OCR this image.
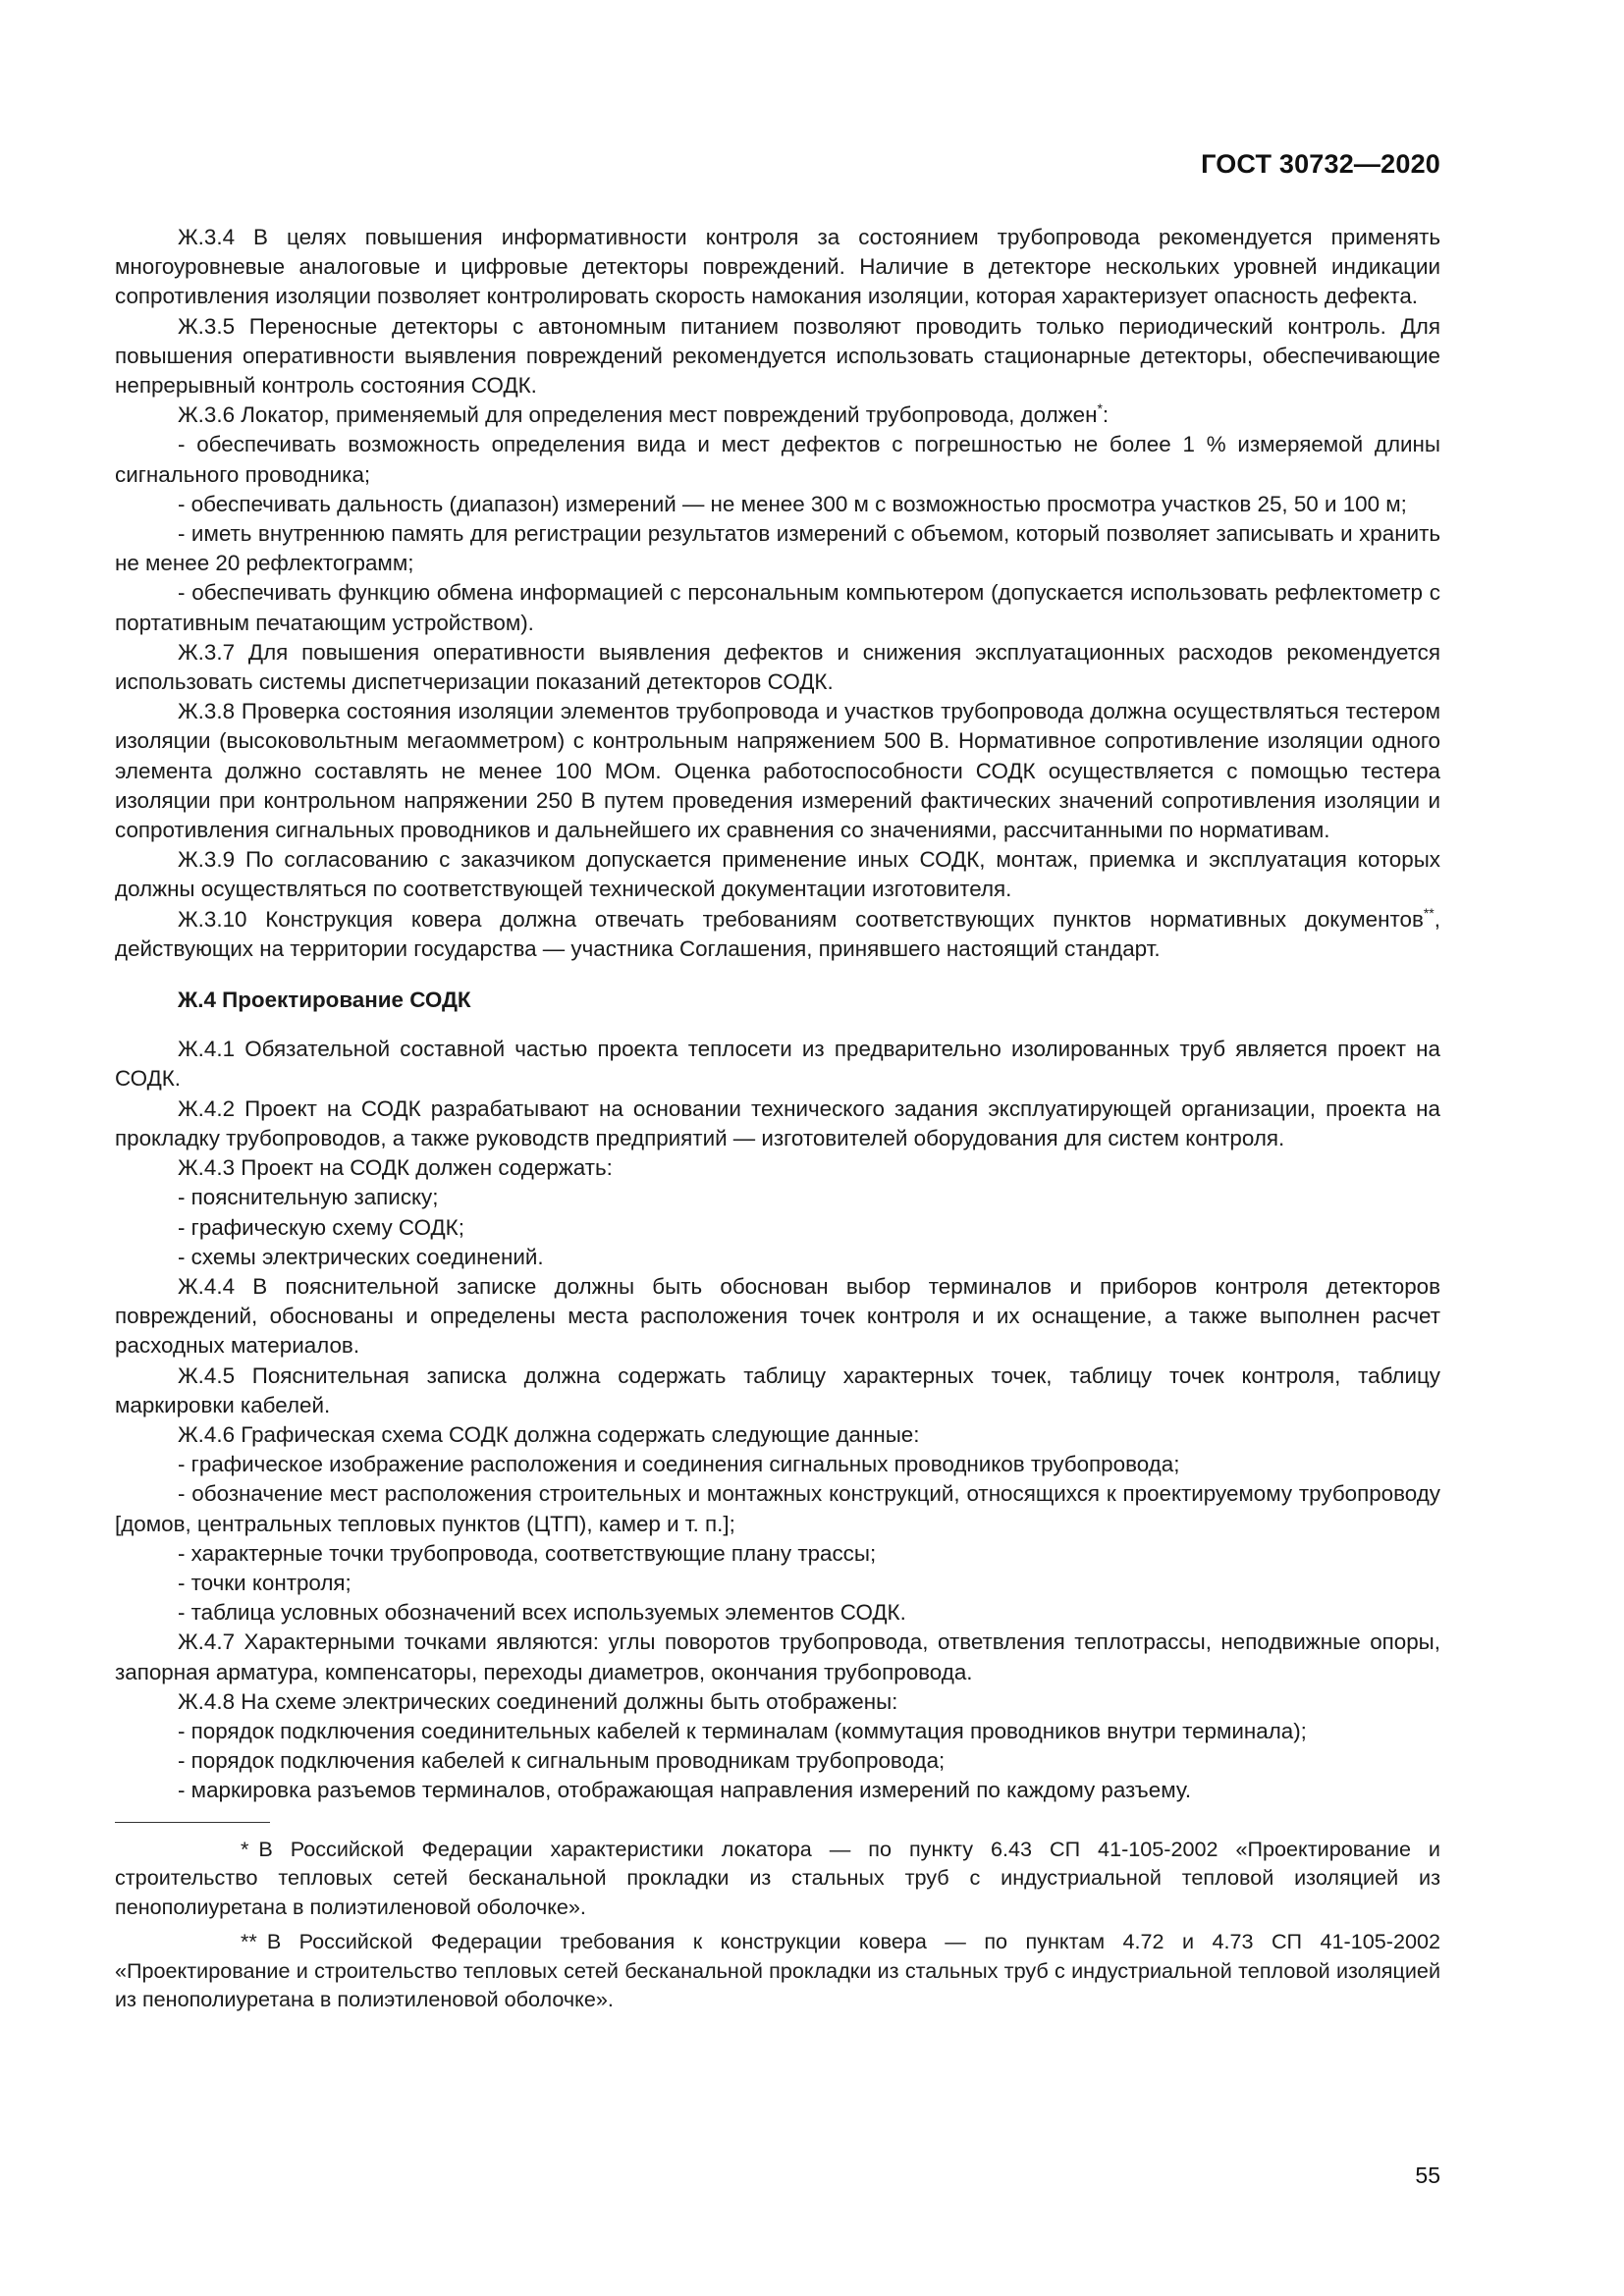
ГОСТ 30732—2020

Ж.3.4 В целях повышения информативности контроля за состоянием трубопровода рекомендуется применять многоуровневые аналоговые и цифровые детекторы повреждений. Наличие в детекторе нескольких уровней индикации сопротивления изоляции позволяет контролировать скорость намокания изоляции, которая характеризует опасность дефекта.

Ж.3.5 Переносные детекторы с автономным питанием позволяют проводить только периодический контроль. Для повышения оперативности выявления повреждений рекомендуется использовать стационарные детекторы, обеспечивающие непрерывный контроль состояния СОДК.

Ж.3.6 Локатор, применяемый для определения мест повреждений трубопровода, должен*:

- обеспечивать возможность определения вида и мест дефектов с погрешностью не более 1 % измеряемой длины сигнального проводника;

- обеспечивать дальность (диапазон) измерений — не менее 300 м с возможностью просмотра участков 25, 50 и 100 м;

- иметь внутреннюю память для регистрации результатов измерений с объемом, который позволяет записывать и хранить не менее 20 рефлектограмм;

- обеспечивать функцию обмена информацией с персональным компьютером (допускается использовать рефлектометр с портативным печатающим устройством).

Ж.3.7 Для повышения оперативности выявления дефектов и снижения эксплуатационных расходов рекомендуется использовать системы диспетчеризации показаний детекторов СОДК.

Ж.3.8 Проверка состояния изоляции элементов трубопровода и участков трубопровода должна осуществляться тестером изоляции (высоковольтным мегаомметром) с контрольным напряжением 500 В. Нормативное сопротивление изоляции одного элемента должно составлять не менее 100 МОм. Оценка работоспособности СОДК осуществляется с помощью тестера изоляции при контрольном напряжении 250 В путем проведения измерений фактических значений сопротивления изоляции и сопротивления сигнальных проводников и дальнейшего их сравнения со значениями, рассчитанными по нормативам.

Ж.3.9 По согласованию с заказчиком допускается применение иных СОДК, монтаж, приемка и эксплуатация которых должны осуществляться по соответствующей технической документации изготовителя.

Ж.3.10 Конструкция ковера должна отвечать требованиям соответствующих пунктов нормативных документов**, действующих на территории государства — участника Соглашения, принявшего настоящий стандарт.

Ж.4 Проектирование СОДК

Ж.4.1 Обязательной составной частью проекта теплосети из предварительно изолированных труб является проект на СОДК.

Ж.4.2 Проект на СОДК разрабатывают на основании технического задания эксплуатирующей организации, проекта на прокладку трубопроводов, а также руководств предприятий — изготовителей оборудования для систем контроля.

Ж.4.3 Проект на СОДК должен содержать:

- пояснительную записку;

- графическую схему СОДК;

- схемы электрических соединений.

Ж.4.4 В пояснительной записке должны быть обоснован выбор терминалов и приборов контроля детекторов повреждений, обоснованы и определены места расположения точек контроля и их оснащение, а также выполнен расчет расходных материалов.

Ж.4.5 Пояснительная записка должна содержать таблицу характерных точек, таблицу точек контроля, таблицу маркировки кабелей.

Ж.4.6 Графическая схема СОДК должна содержать следующие данные:

- графическое изображение расположения и соединения сигнальных проводников трубопровода;

- обозначение мест расположения строительных и монтажных конструкций, относящихся к проектируемому трубопроводу [домов, центральных тепловых пунктов (ЦТП), камер и т. п.];

- характерные точки трубопровода, соответствующие плану трассы;

- точки контроля;

- таблица условных обозначений всех используемых элементов СОДК.

Ж.4.7 Характерными точками являются: углы поворотов трубопровода, ответвления теплотрассы, неподвижные опоры, запорная арматура, компенсаторы, переходы диаметров, окончания трубопровода.

Ж.4.8 На схеме электрических соединений должны быть отображены:

- порядок подключения соединительных кабелей к терминалам (коммутация проводников внутри терминала);

- порядок подключения кабелей к сигнальным проводникам трубопровода;

- маркировка разъемов терминалов, отображающая направления измерений по каждому разъему.

* В Российской Федерации характеристики локатора — по пункту 6.43 СП 41-105-2002 «Проектирование и строительство тепловых сетей бесканальной прокладки из стальных труб с индустриальной тепловой изоляцией из пенополиуретана в полиэтиленовой оболочке».

** В Российской Федерации требования к конструкции ковера — по пунктам 4.72 и 4.73 СП 41-105-2002 «Проектирование и строительство тепловых сетей бесканальной прокладки из стальных труб с индустриальной тепловой изоляцией из пенополиуретана в полиэтиленовой оболочке».

55
